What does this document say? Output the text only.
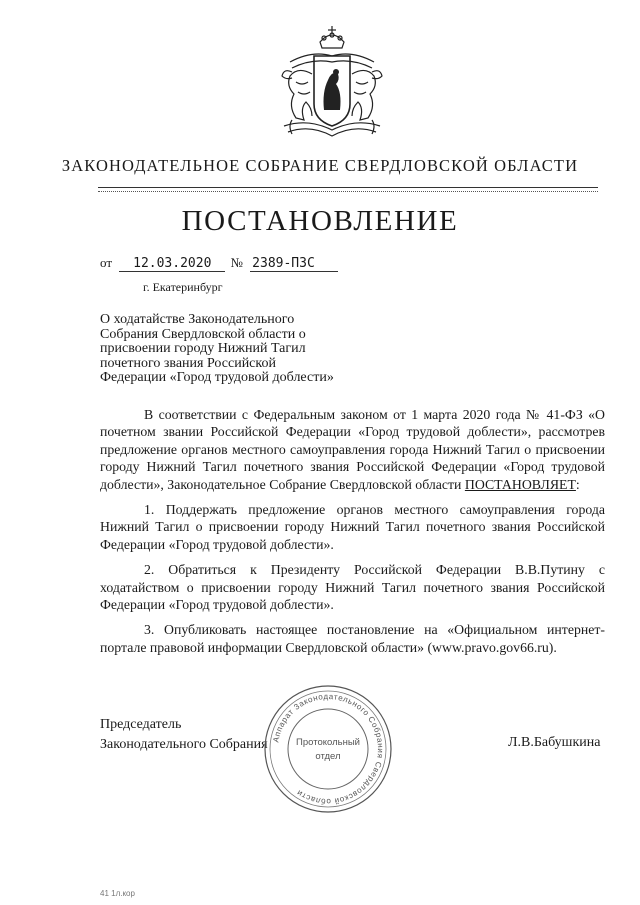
ЗАКОНОДАТЕЛЬНОЕ СОБРАНИЕ СВЕРДЛОВСКОЙ ОБЛАСТИ
ПОСТАНОВЛЕНИЕ
от 12.03.2020 № 2389-ПЗС
г. Екатеринбург
О ходатайстве Законодательного
Собрания Свердловской области о
присвоении городу Нижний Тагил
почетного звания Российской
Федерации «Город трудовой доблести»

В соответствии с Федеральным законом от 1 марта 2020 года № 41-ФЗ «О почетном звании Российской Федерации «Город трудовой доблести», рассмотрев предложение органов местного самоуправления города Нижний Тагил о присвоении городу Нижний Тагил почетного звания Российской Федерации «Город трудовой доблести», Законодательное Собрание Свердловской области ПОСТАНОВЛЯЕТ:

1. Поддержать предложение органов местного самоуправления города Нижний Тагил о присвоении городу Нижний Тагил почетного звания Российской Федерации «Город трудовой доблести».

2. Обратиться к Президенту Российской Федерации В.В.Путину с ходатайством о присвоении городу Нижний Тагил почетного звания Российской Федерации «Город трудовой доблести».

3. Опубликовать настоящее постановление на «Официальном интернет-портале правовой информации Свердловской области» (www.pravo.gov66.ru).

Председатель
Законодательного Собрания Аппарат Законодательного Собрания Свердловской области
Протокольный
отдел
Л.В.Бабушкина
41 1л.кор
